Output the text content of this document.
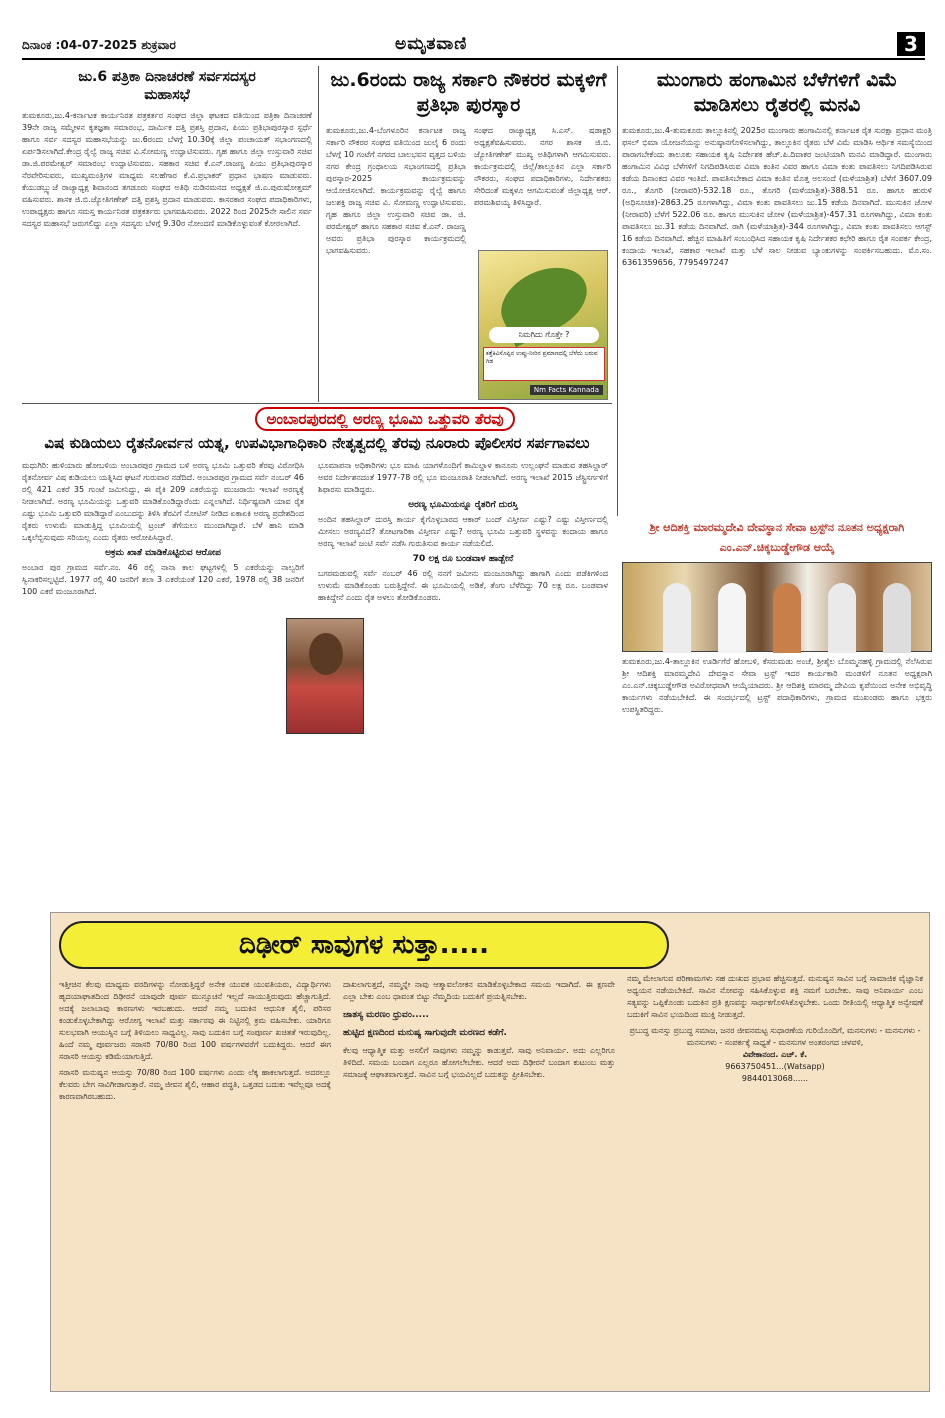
ದಿನಾಂಕ :04-07-2025 ಶುಕ್ರವಾರ	ಅಮೃತವಾಣಿ	3
ಜು.6 ಪತ್ರಿಕಾ ದಿನಾಚರಣೆ ಸರ್ವಸದಸ್ಯರ ಮಹಾಸಭೆ
ತುಮಕೂರು,ಜು.4-ಕರ್ನಾಟಕ ಕಾರ್ಯನಿರತ ಪತ್ರಕರ್ತರ ಸಂಘದ ಜಿಲ್ಲಾ ಘಟಕದ ವತಿಯಿಂದ ಪತ್ರಿಕಾ ದಿನಾಚರಣೆ 39ನೇ ರಾಜ್ಯ ಸಮ್ಮೇಳನ ಕೃತಜ್ಞತಾ ಸಮಾರಂಭ, ದಾರ್ಮಿಕ ದತ್ತಿ ಪ್ರಶಸ್ತಿ ಪ್ರದಾನ, ಪಿಯು ಪ್ರತಿಭಾಪುರಸ್ಕಾರ ಸ್ಪರ್ಧೆ ಹಾಗೂ ಸರ್ವ ಸದಸ್ಯರ ಮಹಾಸಭೆಯನ್ನು ಜು.6ರಂದು ಬೆಳಗ್ಗೆ 10.30ಕ್ಕೆ ಜಿಲ್ಲಾ ಪಂಚಾಯತ್ ಸಭಾಂಗಣದಲ್ಲಿ ಏರ್ಪಡಿಸಲಾಗಿದೆ.ಕೇಂದ್ರ ರೈಲ್ವೆ ರಾಜ್ಯ ಸಚಿವ ವಿ.ಸೋಮಣ್ಣ ಉದ್ಘಾಟಿಸುವರು. ಗೃಹ ಹಾಗೂ ಜಿಲ್ಲಾ ಉಸ್ತುವಾರಿ ಸಚಿವ ಡಾ.ಜಿ.ಪರಮೇಶ್ವರ್ ಸಮಾರಂಭ ಉದ್ಘಾಟಿಸುವರು. ಸಹಕಾರ ಸಚಿವ ಕೆ.ಎನ್.ರಾಜಣ್ಣ ಪಿಯು ಪ್ರತಿಭಾಪುರಸ್ಕಾರ ನೆರವೇರಿಸುವರು, ಮುಖ್ಯಮಂತ್ರಿಗಳ ಮಾಧ್ಯಮ ಸಲಹೆಗಾರ ಕೆ.ವಿ.ಪ್ರಭಾಕರ್ ಪ್ರಧಾನ ಭಾಷಣ ಮಾಡುವರು. ಕೆಯುಡಬ್ಲ್ಯುಜೆ ರಾಜ್ಯಾಧ್ಯಕ್ಷ ಶಿವಾನಂದ ತಗಡೂರು ಸಂಘದ ಅತಿಥಿ ನುಡಿನಮನದ ಅಧ್ಯಕ್ಷತೆ ಜಿ.ಎ.ಪುರುಷೋತ್ತಮ್ ವಹಿಸುವರು. ಶಾಸಕ ಜಿ.ಬಿ.ಜ್ಯೋತಿಗಣೇಶ್ ದತ್ತಿ ಪ್ರಶಸ್ತಿ ಪ್ರದಾನ ಮಾಡುವರು. ಕಾಸರಕಾರ ಸಂಘದ ಪದಾಧಿಕಾರಿಗಳು, ಉಪಾಧ್ಯಕ್ಷರು ಹಾಗೂ ಸಮಸ್ತ ಕಾರ್ಯನಿರತ ಪತ್ರಕರ್ತರು ಭಾಗವಹಿಸುವರು. 2022 ರಿಂದ 2025ನೇ ಸಾಲಿನ ಸರ್ವ ಸದಸ್ಯರ ಮಹಾಸಭೆ ಜರುಗಲಿದ್ದು ಎಲ್ಲಾ ಸದಸ್ಯರು ಬೆಳಗ್ಗೆ 9.30ರ ನೋಂದಣಿ ಮಾಡಿಕೊಳ್ಳುವಂತೆ ಕೋರಲಾಗಿದೆ.
ಜು.6ರಂದು ರಾಜ್ಯ ಸರ್ಕಾರಿ ನೌಕರರ ಮಕ್ಕಳಿಗೆ ಪ್ರತಿಭಾ ಪುರಸ್ಕಾರ
ತುಮಕೂರು,ಜು.4-ಬೆಂಗಳೂರಿನ ಕರ್ನಾಟಕ ರಾಜ್ಯ ಸರ್ಕಾರಿ ನೌಕರರ ಸಂಘದ ವತಿಯಿಂದ ಜುಲೈ 6 ರಂದು ಬೆಳಗ್ಗೆ 10 ಗಂಟೆಗೆ ನಗರದ ಬಾಲಭವನ ವೃತ್ತದ ಬಳಿಯ ನಗರ ಕೇಂದ್ರ ಗ್ರಂಥಾಲಯ ಸಭಾಂಗಣದಲ್ಲಿ ಪ್ರತಿಭಾ ಪುರಸ್ಕಾರ-2025 ಕಾರ್ಯಕ್ರಮವನ್ನು ಆಯೋಜಿಸಲಾಗಿದೆ. ಕಾರ್ಯಕ್ರಮವನ್ನು ರೈಲ್ವೆ ಹಾಗೂ ಜಲಶಕ್ತಿ ರಾಜ್ಯ ಸಚಿವ ವಿ. ಸೋಮಣ್ಣ ಉದ್ಘಾಟಿಸುವರು. ಗೃಹ ಹಾಗೂ ಜಿಲ್ಲಾ ಉಸ್ತುವಾರಿ ಸಚಿವ ಡಾ. ಜಿ. ಪರಮೇಶ್ವರ್ ಹಾಗೂ ಸಹಕಾರ ಸಚಿವ ಕೆ.ಎನ್. ರಾಜಣ್ಣ ಅವರು ಪ್ರತಿಭಾ ಪುರಸ್ಕಾರ ಕಾರ್ಯಕ್ರಮದಲ್ಲಿ ಭಾಗವಹಿಸುವರು.
ಸಂಘದ ರಾಜ್ಯಾಧ್ಯಕ್ಷ ಸಿ.ಎಸ್. ಷಡಾಕ್ಷರಿ ಅಧ್ಯಕ್ಷತೆವಹಿಸುವರು. ನಗರ ಶಾಸಕ ಜಿ.ಬಿ. ಜ್ಯೋತಿಗಣೇಶ್ ಮುಖ್ಯ ಅತಿಥಿಗಳಾಗಿ ಆಗಮಿಸುವರು. ಕಾರ್ಯಕ್ರಮದಲ್ಲಿ ಜಿಲ್ಲೆ/ತಾಲ್ಲೂಕಿನ ಎಲ್ಲಾ ಸರ್ಕಾರಿ ನೌಕರರು, ಸಂಘದ ಪದಾಧಿಕಾರಿಗಳು, ನಿರ್ದೇಶಕರು ಸೇರಿದಂತೆ ಮಕ್ಕಳೂ ಆಗಮಿಸುವಂತೆ ಜಿಲ್ಲಾಧ್ಯಕ್ಷ ಆರ್. ಪರಮಶಿವಯ್ಯ ತಿಳಿಸಿದ್ದಾರೆ.
ನಿಮಗಿದು ಗೊತ್ತೇ ?
ಕತ್ತೆಕಿವಿಸೊಪ್ಪಿನ ಉಪ್ಪು-ನೀರಿನ ಪ್ರಮಾಣದಲ್ಲಿ ಬೆಳೆದು ಬರುವ ಗಿಡ
Nm Facts Kannada
ಮುಂಗಾರು ಹಂಗಾಮಿನ ಬೆಳೆಗಳಿಗೆ ವಿಮೆ ಮಾಡಿಸಲು ರೈತರಲ್ಲಿ ಮನವಿ
ತುಮಕೂರು,ಜು.4-ತುಮಕೂರು ತಾಲ್ಲೂಕಿನಲ್ಲಿ 2025ರ ಮುಂಗಾರು ಹಂಗಾಮಿನಲ್ಲಿ ಕರ್ನಾಟಕ ರೈತ ಸುರಕ್ಷಾ ಪ್ರಧಾನ ಮಂತ್ರಿ ಫಸಲ್ ಭಿಮಾ ಯೋಜನೆಯನ್ನು ಅನುಷ್ಠಾನಗೊಳಿಸಲಾಗಿದ್ದು, ತಾಲ್ಲೂಕಿನ ರೈತರು ಬೆಳೆ ವಿಮೆ ಮಾಡಿಸಿ ಆರ್ಥಿಕ ಸಮಸ್ಯೆಯಿಂದ ಪಾರಾಗಬೇಕೆಂದು ತಾಲೂಕು ಸಹಾಯಕ ಕೃಷಿ ನಿರ್ದೇಶಕ ಹೆಚ್.ಪಿ.ದಿವಾಕರ ಜಂಟಿಯಾಗಿ ಮನವಿ ಮಾಡಿದ್ದಾರೆ. ಮುಂಗಾರು ಹಂಗಾಮಿನ ವಿವಿಧ ಬೆಳೆಗಳಿಗೆ ನಿಗದಿಪಡಿಸಿರುವ ವಿಮಾ ಕಂತಿನ ವಿವರ ಹಾಗೂ ವಿಮಾ ಕಂತು ಪಾವತಿಸಲು ನಿಗದಿಪಡಿಸಿರುವ ಕಡೆಯ ದಿನಾಂಕದ ವಿವರ ಇಂತಿದೆ. ಪಾವತಿಸಬೇಕಾದ ವಿಮಾ ಕಂತಿನ ಮೊತ್ತ ಅಲಸಂದೆ (ಮಳೆಯಾಶ್ರಿತ) ಬೆಳೆಗೆ 3607.09 ರೂ., ತೊಗರಿ (ನೀರಾವರಿ)-532.18 ರೂ., ತೊಗರಿ (ಮಳೆಯಾಶ್ರಿತ)-388.51 ರೂ. ಹಾಗೂ ಹುರುಳಿ (ಅಧಿಸೂಚಿತ)-2863.25 ರೂಗಳಾಗಿದ್ದು, ವಿಮಾ ಕಂತು ಪಾವತಿಸಲು ಜು.15 ಕಡೆಯ ದಿನವಾಗಿದೆ. ಮುಸುಕಿನ ಜೋಳ (ನೀರಾವರಿ) ಬೆಳೆಗೆ 522.06 ರೂ. ಹಾಗೂ ಮುಸುಕಿನ ಜೋಳ (ಮಳೆಯಾಶ್ರಿತ)-457.31 ರೂಗಳಾಗಿದ್ದು, ವಿಮಾ ಕಂತು ಪಾವತಿಸಲು ಜು.31 ಕಡೆಯ ದಿನವಾಗಿದೆ. ರಾಗಿ (ಮಳೆಯಾಶ್ರಿತ)-344 ರೂಗಳಾಗಿದ್ದು, ವಿಮಾ ಕಂತು ಪಾವತಿಸಲು ಆಗಸ್ಟ್ 16 ಕಡೆಯ ದಿನವಾಗಿದೆ. ಹೆಚ್ಚಿನ ಮಾಹಿತಿಗೆ ಸಂಬಂಧಿಸಿದ ಸಹಾಯಕ ಕೃಷಿ ನಿರ್ದೇಶಕರ ಕಛೇರಿ ಹಾಗೂ ರೈತ ಸಂಪರ್ಕ ಕೇಂದ್ರ, ಕಂದಾಯ ಇಲಾಖೆ, ಸಹಕಾರ ಇಲಾಖೆ ಮತ್ತು ಬೆಳೆ ಸಾಲ ನೀಡುವ ಬ್ಯಾಂಕುಗಳನ್ನು ಸಂಪರ್ಕಿಸಬಹುದು. ಮೊ.ಸಂ. 6361359656, 7795497247
ಅಂಬಾರಪುರದಲ್ಲಿ ಅರಣ್ಯ ಭೂಮಿ ಒತ್ತುವರಿ ತೆರವು
ವಿಷ ಕುಡಿಯಲು ರೈತನೋರ್ವನ ಯತ್ನ, ಉಪವಿಭಾಗಾಧಿಕಾರಿ ನೇತೃತ್ವದಲ್ಲಿ ತೆರವು ನೂರಾರು ಪೊಲೀಸರ ಸರ್ಪಗಾವಲು
ಮಧುಗಿರಿ: ಹುಳಿಯಾರು ಹೋಬಳಿಯ ಅಂಬಾರಪುರ ಗ್ರಾಮದ ಬಳಿ ಅರಣ್ಯ ಭೂಮಿ ಒತ್ತುವರಿ ತೆರವು ವಿರೋಧಿಸಿ ರೈತನೋರ್ವ ವಿಷ ಕುಡಿಯಲು ಯತ್ನಿಸಿದ ಘಟನೆ ಗುರುವಾರ ನಡೆದಿದೆ. ಅಂಬಾರಪುರ ಗ್ರಾಮದ ಸರ್ವೆ ನಂಬರ್ 46 ರಲ್ಲಿ 421 ಎಕರೆ 35 ಗುಂಟೆ ಜಮೀನಿದ್ದು, ಈ ಪೈಕಿ 209 ಎಕರೆಯನ್ನು ಮುಜರಾಯಿ ಇಲಾಖೆ ಅರಣ್ಯಕ್ಕೆ ನೀಡಲಾಗಿದೆ. ಅರಣ್ಯ ಭೂಮಿಯನ್ನು ಒತ್ತುವರಿ ಮಾಡಿಕೊಂಡಿದ್ದಾರೆಂದು ಎನ್ನಲಾಗಿದೆ. ನಿರ್ಧಿಷ್ಟವಾಗಿ ಯಾವ ರೈತ ಎಷ್ಟು ಭೂಮಿ ಒತ್ತುವರಿ ಮಾಡಿದ್ದಾರೆ ಎಂಬುದನ್ನು ತಿಳಿಸಿ ತೆರವಿಗೆ ನೋಟಿಸ್ ನೀಡಿದ ಏಕಾಏಕಿ ಅರಣ್ಯ ಪ್ರದೇಶದಿಂದ ರೈತರು ಉಳುಮೆ ಮಾಡುತ್ತಿದ್ದ ಭೂಮಿಯಲ್ಲಿ ಟ್ರಂಚ್ ತೆಗೆಯಲು ಮುಂದಾಗಿದ್ದಾರೆ. ಬೆಳೆ ಹಾನಿ ಮಾಡಿ ಒಕ್ಕಲೆಬ್ಬಿಸುವುದು ಸರಿಯಲ್ಲ ಎಂದು ರೈತರು ಆರೋಪಿಸಿದ್ದಾರೆ.
ಅಕ್ರಮ ಖಾತೆ ಮಾಡಿಕೊಟ್ಟಿರುವ ಆರೋಪ
ಅಂಬಾರ ಪುರ ಗ್ರಾಮದ ಸರ್ವೆ.ನಂ. 46 ರಲ್ಲಿ ನಾನಾ ಕಾಲ ಘಟ್ಟಗಳಲ್ಲಿ 5 ಎಕರೆಯನ್ನು ನಾಲ್ವರಿಗೆ ಸ್ವಿನಾಕರಿಸಲ್ಪಟ್ಟಿದೆ. 1977 ರಲ್ಲಿ 40 ಜನರಿಗೆ ತಲಾ 3 ಎಕರೆಯಂತೆ 120 ಎಕರೆ, 1978 ರಲ್ಲಿ 38 ಜನರಿಗೆ 100 ಎಕರೆ ಮಂಜೂರಾಗಿದೆ.
ಭೂಮಾಪನಾ ಅಧಿಕಾರಿಗಳು ಭೂ ಮಾಪಿ ಯಾಗಳೊಂದಿಗೆ ಕಾಮಿಲ್ದಾಳ ಕಾನೂನು ಉಲ್ಲಂಘನೆ ಮಾಡುವ ತಹಸಿಲ್ದಾರ್ ಅವರ ನಿರ್ದೇಶನದಂತೆ 1977-78 ರಲ್ಲಿ ಭೂ ಮಂಜೂರಾತಿ ನೀಡಲಾಗಿದೆ. ಅರಣ್ಯ ಇಲಾಖೆ 2015 ಜೆಸ್ಟ್ರಿಸರ್ಗಳಿಗೆ ಶಿಫಾರಸು ಮಾಡಿದ್ದರು.
ಅರಣ್ಯ ಭೂಮಿಯನ್ನೂ ರೈತರಿಗೆ ದುರಸ್ತಿ
ಅಂದಿನ ತಹಸಿಲ್ದಾರ್ ದುರಸ್ತಿ ಕಾರ್ಯ ಕೈಗೊಳ್ಳಬಾರದ ಆಕಾರ್ ಬಂದ್ ವಿಸ್ತೀರ್ಣ ಎಷ್ಟು? ಎಷ್ಟು ವಿಸ್ತೀರ್ಣದಲ್ಲಿ ಮೀಸಲು ಅರಣ್ಯವಿದೆ? ತೋಟಗಾರಿಕಾ ವಿಸ್ತೀರ್ಣ ಎಷ್ಟು? ಅರಣ್ಯ ಭೂಮಿ ಒತ್ತುವರಿ ಸ್ಥಳವನ್ನು ಕಂದಾಯ ಹಾಗೂ ಅರಣ್ಯ ಇಲಾಖೆ ಜಂಟಿ ಸರ್ವೆ ನಡೆಸಿ ಗುರುತಿಸುವ ಕಾರ್ಯ ನಡೆಯಲಿದೆ.
70 ಲಕ್ಷ ರೂ ಬಂಡವಾಳ ಹಾಡ್ಬೇನೆ
ಬಗರಮಡುವಲ್ಲಿ ಸರ್ವೆ ನಂಬರ್ 46 ರಲ್ಲಿ ನನಗೆ ಜಮೀನು ಮಂಜೂರಾಗಿದ್ದು ಹಾಗಾಗಿ ಎಂದು ಪಡೆಕಿಗಳಿಂದ ಉಳುಮೆ ಮಾಡಿಕೊಂಡು ಬರುತ್ತಿದ್ದೇನೆ. ಈ ಭೂಮಿಯಲ್ಲಿ ಅಡಿಕೆ, ತೆಂಗು ಬೆಳೆದಿದ್ದು 70 ಲಕ್ಷ ರೂ. ಬಂಡವಾಳ ಹಾಕಿದ್ದೇನೆ ಎಂದು ರೈತ ಅಳಲು ತೋಡಿಕೊಂಡರು.
ಶ್ರೀ ಆದಿಶಕ್ತಿ ಮಾರಮ್ಮದೇವಿ ದೇವಸ್ಥಾನ ಸೇವಾ ಟ್ರಸ್ಟ್‌ನ ನೂತನ ಅಧ್ಯಕ್ಷರಾಗಿ ಎಂ.ಎನ್.ಚಿಕ್ಕಬುಡ್ಡೇಗೌಡ ಆಯ್ಕೆ
ತುಮಕೂರು,ಜು.4-ತಾಲ್ಲೂಕಿನ ಊರ್ಡಿಗೆರೆ ಹೋಬಳಿ, ಕೆಸರುಮಡು ಅಂಚೆ, ಶ್ರೀಶೈಲ ಬೊಮ್ಮನಹಳ್ಳಿ ಗ್ರಾಮದಲ್ಲಿ ನೆಲೆಸಿರುವ ಶ್ರೀ ಆದಿಶಕ್ತಿ ಮಾರಮ್ಮದೇವಿ ದೇವಸ್ಥಾನ ಸೇವಾ ಟ್ರಸ್ಟ್ ಇದರ ಕಾರ್ಯಕಾರಿ ಮಂಡಳಿಗೆ ನೂತನ ಅಧ್ಯಕ್ಷರಾಗಿ ಎಂ.ಎನ್.ಚಿಕ್ಕಬುಡ್ಡೇಗೌಡ ಅವಿರೋಧವಾಗಿ ಆಯ್ಕೆಯಾದರು. ಶ್ರೀ ಆದಿಶಕ್ತಿ ಮಾರಮ್ಮ ದೇವಿಯ ಕೃಪೆಯಿಂದ ಅನೇಕ ಅಭಿವೃದ್ಧಿ ಕಾರ್ಯಗಳು ನಡೆಯಬೇಕಿದೆ. ಈ ಸಂದರ್ಭದಲ್ಲಿ ಟ್ರಸ್ಟ್ ಪದಾಧಿಕಾರಿಗಳು, ಗ್ರಾಮದ ಮುಖಂಡರು ಹಾಗೂ ಭಕ್ತರು ಉಪಸ್ಥಿತರಿದ್ದರು.
ದಿಢೀರ್ ಸಾವುಗಳ ಸುತ್ತಾ.....

ಇತ್ತೀಚಿನ ಕೆಲವು ಮಾಧ್ಯಮ ವರದಿಗಳನ್ನು ನೋಡುತ್ತಿದ್ದರೆ ಅನೇಕ ಯುವಕ ಯುವತಿಯರು, ವಿದ್ಯಾರ್ಥಿಗಳು ಹೃದಯಾಘಾತದಿಂದ ದಿಢೀರನೆ ಯಾವುದೇ ಪೂರ್ವ ಮುನ್ಸೂಚನೆ ಇಲ್ಲದೆ ಸಾಯುತ್ತಿರುವುದು ಹೆಚ್ಚಾಗುತ್ತಿದೆ. ಅದಕ್ಕೆ ಜಲಾಬಾವು ಕಾರಣಗಳು ಇರಬಹುದು. ಆದರೆ ನಮ್ಮ ಬದುಕಿನ ಆಧುನಿಕ ಶೈಲಿ, ಪರಿಸರ ಕಂಡುಕೊಳ್ಳಬೇಕಾಗಿದ್ದು ಆರೋಗ್ಯ ಇಲಾಖೆ ಮತ್ತು ಸರ್ಕಾರವು ಈ ನಿಟ್ಟಿನಲ್ಲಿ ಕ್ರಮ ವಹಿಸಬೇಕು. ಯಾರಿಗೂ ಸುಲಭವಾಗಿ ಆಯುಸ್ಸಿನ ಬಗ್ಗೆ ತಿಳಿಯಲು ಸಾಧ್ಯವಿಲ್ಲ. ಸಾವು ಬದುಕಿನ ಬಗ್ಗೆ ಸಂಪೂರ್ಣ ಖಚಿತತೆ ಇರುವುದಿಲ್ಲ. ಹಿಂದೆ ನಮ್ಮ ಪೂರ್ವಜರು ಸರಾಸರಿ 70/80 ರಿಂದ 100 ವರ್ಷಗಳವರೆಗೆ ಬದುಕಿದ್ದರು. ಆದರೆ ಈಗ ಸರಾಸರಿ ಆಯಸ್ಸು ಕಡಿಮೆಯಾಗುತ್ತಿದೆ.

ಸರಾಸರಿ ಮನುಷ್ಯನ ಆಯಸ್ಸು 70/80 ರಿಂದ 100 ವರ್ಷಗಳು ಎಂದು ಲೆಕ್ಕ ಹಾಕಲಾಗುತ್ತದೆ. ಅದರಲ್ಲೂ ಕೆಲವರು ಬೇಗ ಸಾವಿಗೀಡಾಗುತ್ತಾರೆ. ನಮ್ಮ ಜೀವನ ಶೈಲಿ, ಆಹಾರ ಪದ್ಧತಿ, ಒತ್ತಡದ ಬದುಕು ಇವೆಲ್ಲವೂ ಅದಕ್ಕೆ ಕಾರಣವಾಗಿರಬಹುದು.

ದಾಖಲಾಗುತ್ತದೆ, ನಮ್ಮನ್ನೇ ನಾವು ಆತ್ಮಾವಲೋಕನ ಮಾಡಿಕೊಳ್ಳಬೇಕಾದ ಸಮಯ ಇದಾಗಿದೆ. ಈ ಕ್ಷಣವೇ ಎಲ್ಲಾ ಬೇಕು ಎಂಬ ಧಾವಂತ ಬಿಟ್ಟು ನೆಮ್ಮದಿಯ ಬದುಕಿಗೆ ಪ್ರಯತ್ನಿಸಬೇಕು.

ಜಾತಸ್ಯ ಮರಣಂ ಧ್ರುವಂ.....
ಹುಟ್ಟಿದ ಕ್ಷಣದಿಂದ ಮನುಷ್ಯ ಸಾಗುವುದೇ ಮರಣದ ಕಡೆಗೆ.

ಕೆಲವು ಆಧ್ಯಾತ್ಮಿಕ ಮತ್ತು ಅಸಲಿಗೆ ಸಾವುಗಳು ನಮ್ಮನ್ನು ಕಾಡುತ್ತವೆ. ಸಾವು ಅನಿವಾರ್ಯ. ಅದು ಎಲ್ಲರಿಗೂ ತಿಳಿದಿದೆ. ಸಮಯ ಬಂದಾಗ ಎಲ್ಲರೂ ಹೋಗಲೇಬೇಕು. ಆದರೆ ಅದು ದಿಢೀರನೆ ಬಂದಾಗ ಕುಟುಂಬ ಮತ್ತು ಸಮಾಜಕ್ಕೆ ಆಘಾತವಾಗುತ್ತದೆ. ಸಾವಿನ ಬಗ್ಗೆ ಭಯವಿಲ್ಲದೆ ಬದುಕನ್ನು ಪ್ರೀತಿಸಬೇಕು.

ನಮ್ಮ ಮೇಲಾಗುವ ಪರಿಣಾಮಗಳು ಸಹ ದುಃಖದ ಪ್ರಭಾವ ಹೆಚ್ಚಿಸುತ್ತದೆ. ಮನುಷ್ಯನ ಸಾವಿನ ಬಗ್ಗೆ ಸಾಮಾಜಿಕ ವೈಜ್ಞಾನಿಕ ಅಧ್ಯಯನ ನಡೆಯಬೇಕಿದೆ. ಸಾವಿನ ನೋವನ್ನು ಸಹಿಸಿಕೊಳ್ಳುವ ಶಕ್ತಿ ನಮಗೆ ಬರಬೇಕು. ಸಾವು ಅನಿವಾರ್ಯ ಎಂಬ ಸತ್ಯವನ್ನು ಒಪ್ಪಿಕೊಂಡು ಬದುಕಿನ ಪ್ರತಿ ಕ್ಷಣವನ್ನು ಸಾರ್ಥಕಗೊಳಿಸಿಕೊಳ್ಳಬೇಕು. ಒಂದು ರೀತಿಯಲ್ಲಿ ಆಧ್ಯಾತ್ಮಿಕ ಅನ್ವೇಷಣೆ ಬದುಕಿಗೆ ಸಾವಿನ ಭಯದಿಂದ ಮುಕ್ತಿ ನೀಡುತ್ತದೆ.

ಪ್ರಬುದ್ಧ ಮನಸ್ಸು ಪ್ರಬುದ್ಧ ಸಮಾಜ, ಜನರ ಜೀವನಮಟ್ಟ ಸುಧಾರಣೆಯ ಗುರಿಯೊಂದಿಗೆ, ಮನಸುಗಳು - ಮನಸುಗಳು - ಮನಸುಗಳು - ಸಂಪರ್ಕಕ್ಕೆ ಸಾಧ್ಯತೆ - ಮನಸುಗಳ ಅಂತರಂಗದ ಚಳವಳಿ,
ವಿವೇಕಾನಂದ. ಎಚ್. ಕೆ.
9663750451...(Watsapp)
9844013068......
